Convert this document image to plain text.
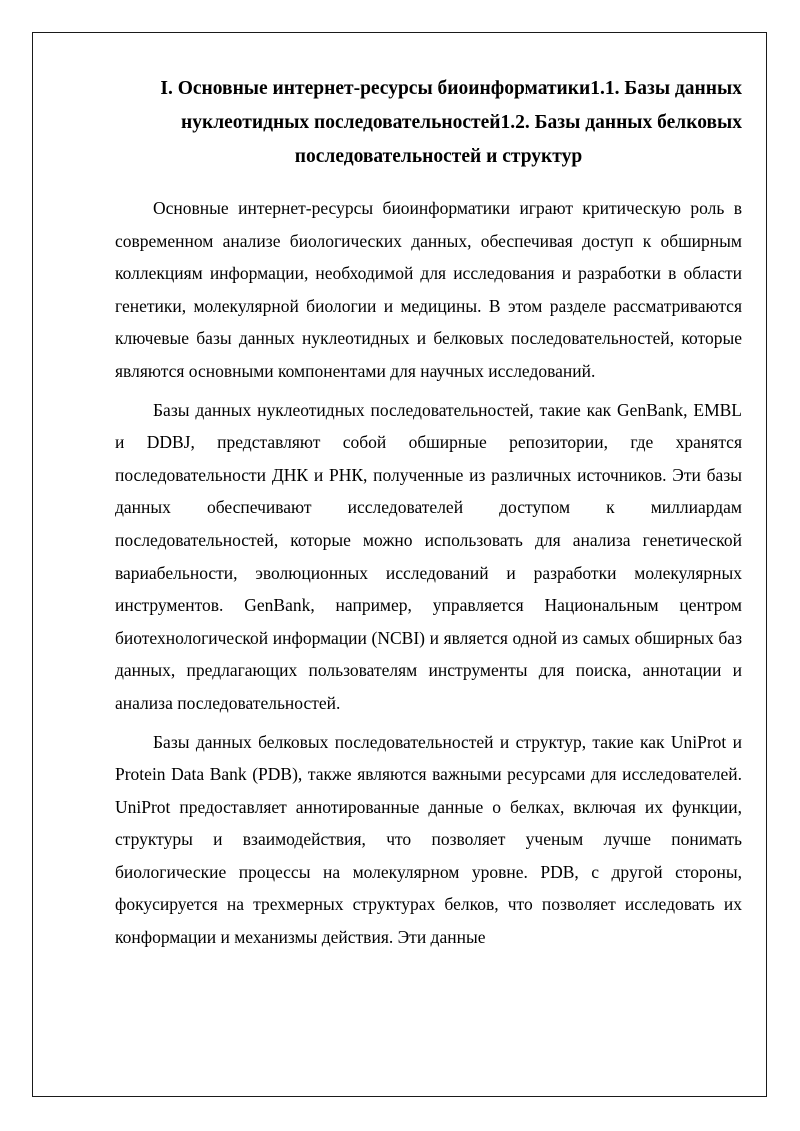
I. Основные интернет-ресурсы биоинформатики1.1. Базы данных нуклеотидных последовательностей1.2. Базы данных белковых последовательностей и структур

Основные интернет-ресурсы биоинформатики играют критическую роль в современном анализе биологических данных, обеспечивая доступ к обширным коллекциям информации, необходимой для исследования и разработки в области генетики, молекулярной биологии и медицины. В этом разделе рассматриваются ключевые базы данных нуклеотидных и белковых последовательностей, которые являются основными компонентами для научных исследований.

Базы данных нуклеотидных последовательностей, такие как GenBank, EMBL и DDBJ, представляют собой обширные репозитории, где хранятся последовательности ДНК и РНК, полученные из различных источников. Эти базы данных обеспечивают исследователей доступом к миллиардам последовательностей, которые можно использовать для анализа генетической вариабельности, эволюционных исследований и разработки молекулярных инструментов. GenBank, например, управляется Национальным центром биотехнологической информации (NCBI) и является одной из самых обширных баз данных, предлагающих пользователям инструменты для поиска, аннотации и анализа последовательностей.

Базы данных белковых последовательностей и структур, такие как UniProt и Protein Data Bank (PDB), также являются важными ресурсами для исследователей. UniProt предоставляет аннотированные данные о белках, включая их функции, структуры и взаимодействия, что позволяет ученым лучше понимать биологические процессы на молекулярном уровне. PDB, с другой стороны, фокусируется на трехмерных структурах белков, что позволяет исследовать их конформации и механизмы действия. Эти данные
